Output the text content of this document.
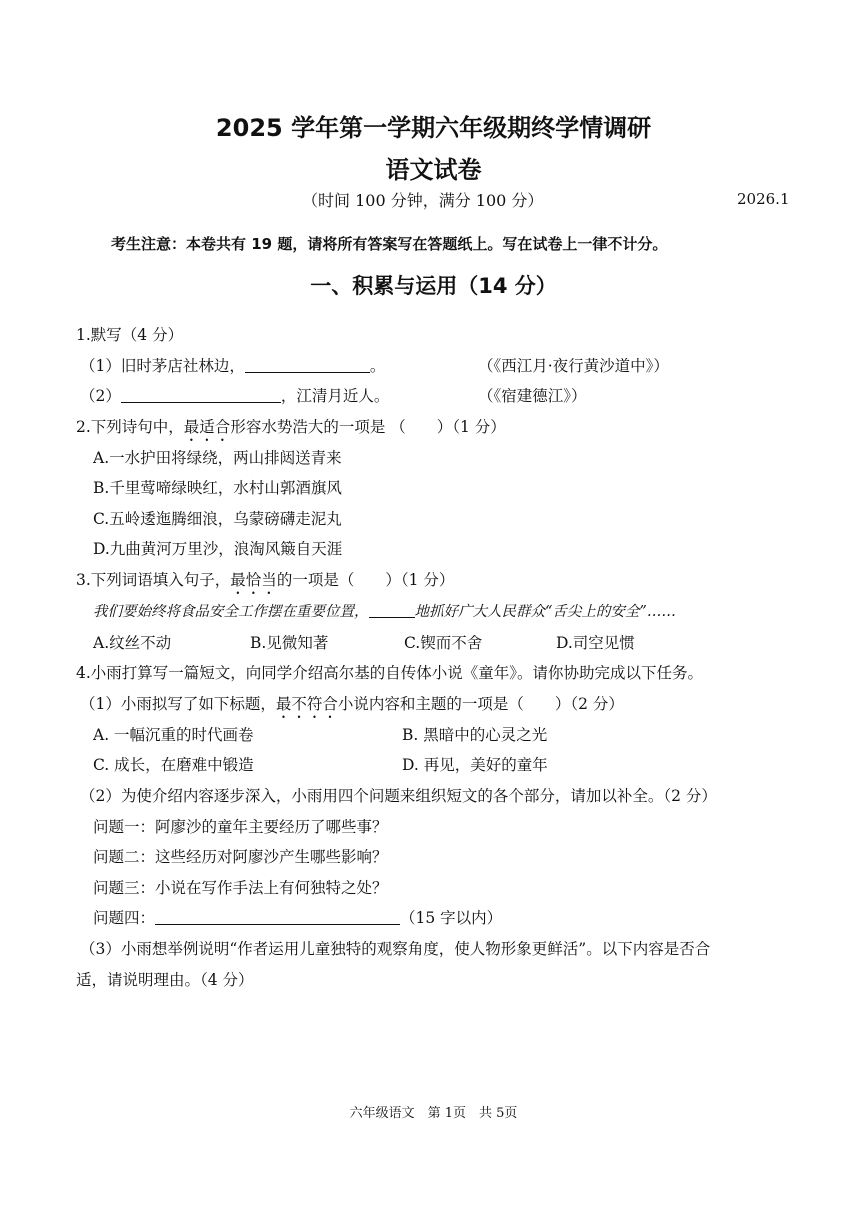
2025 学年第一学期六年级期终学情调研
语文试卷
（时间 100 分钟，满分 100 分）	2026.1
考生注意：本卷共有 19 题，请将所有答案写在答题纸上。写在试卷上一律不计分。
一、积累与运用（14 分）
1.默写（4 分）
（1）旧时茅店社林边，	。	（《西江月·夜行黄沙道中》）
（2）	，江清月近人。	（《宿建德江》）
2.下列诗句中，最适合形容水势浩大的一项是 （　　）（1 分）
A.一水护田将绿绕，两山排闼送青来
B.千里莺啼绿映红，水村山郭酒旗风
C.五岭逶迤腾细浪，乌蒙磅礴走泥丸
D.九曲黄河万里沙，浪淘风簸自天涯
3.下列词语填入句子，最恰当的一项是（　　）（1 分）
我们要始终将食品安全工作摆在重要位置，	地抓好广大人民群众“舌尖上的安全”……
A.纹丝不动	B.见微知著	C.锲而不舍	D.司空见惯
4.小雨打算写一篇短文，向同学介绍高尔基的自传体小说《童年》。请你协助完成以下任务。
（1）小雨拟写了如下标题，最不符合小说内容和主题的一项是（　　）（2 分）
A. 一幅沉重的时代画卷	B. 黑暗中的心灵之光
C. 成长，在磨难中锻造	D. 再见，美好的童年
（2）为使介绍内容逐步深入，小雨用四个问题来组织短文的各个部分，请加以补全。（2 分）
问题一：阿廖沙的童年主要经历了哪些事？
问题二：这些经历对阿廖沙产生哪些影响？
问题三：小说在写作手法上有何独特之处？
问题四：	（15 字以内）
（3）小雨想举例说明“作者运用儿童独特的观察角度，使人物形象更鲜活”。以下内容是否合
适，请说明理由。（4 分）
六年级语文　第 1页　共 5页
